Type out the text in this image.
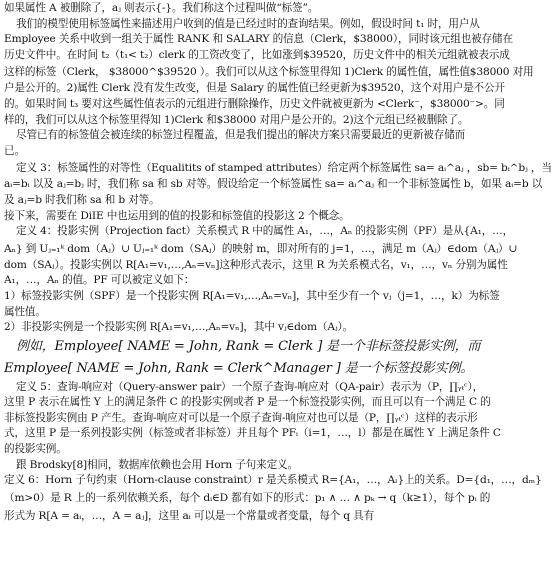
如果属性 A 被删除了，aⱼ 则表示{-}。我们称这个过程叫做“标签”。
我们的模型使用标签属性来描述用户收到的值是已经过时的查询结果。例如，假设时间 t₁ 时，用户从
Employee 关系中收到一组关于属性 RANK 和 SALARY 的信息（Clerk，$38000），同时该元组也被存储在
历史文件中。在时间 t₂（t₁< t₂）clerk 的工资改变了，比如涨到$39520，历史文件中的相关元组就被表示成
这样的标签（Clerk， $38000^$39520 ）。我们可以从这个标签里得知 1)Clerk 的属性值，属性值$38000 对用
户是公开的。2)属性 Clerk 没有发生改变，但是 Salary 的属性值已经更新为$39520，这个对用户是不公开
的。如果时间 t₃ 要对这些属性值表示的元组进行删除操作，历史文件就被更新为 <Clerk⁻，$38000⁻>。同
样的，我们可以从这个标签里得知 1)Clerk 和$38000 对用户是公开的。2)这个元组已经被删除了。
尽管已有的标签值会被连续的标签过程覆盖，但是我们提出的解决方案只需要最近的更新被存储而
已。
定义 3：标签属性的对等性（Equalitits of stamped attributes）给定两个标签属性 sa= aᵢ^aⱼ ，sb= bᵢ^bⱼ ，当
aᵢ=bᵢ 以及 aⱼ=bⱼ 时，我们称 sa 和 sb 对等。假设给定一个标签属性 sa= aᵢ^aⱼ 和一个非标签属性 b，如果 aᵢ=b 以
及 aⱼ=b 时我们称 sa 和 b 对等。
接下来，需要在 DiIE 中也运用到的值的投影和标签值的投影这 2 个概念。
定义 4：投影实例（Projection fact）关系模式 R 中的属性 A₁，…，Aₙ 的投影实例（PF）是从{A₁，…，
Aₙ} 到 Uⱼ₌₁ᵏ dom（Aⱼ）∪ Uⱼ₌₁ᵏ dom（SAⱼ）的映射 m，即对所有的 j=1，…，满足 m（Aⱼ）∈dom（Aⱼ）∪
dom（SAⱼ）。投影实例以 R[A₁=v₁,…,Aₙ=vₙ]这种形式表示，这里 R 为关系模式名，v₁，…，vₙ 分别为属性
A₁，…，Aₙ 的值。PF 可以被定义如下：
1）标签投影实例（SPF）是一个投影实例 R[A₁=v₁,…,Aₙ=vₙ]，其中至少有一个 vⱼ（j=1，…，k）为标签
属性值。
2）非投影实例是一个投影实例 R[A₁=v₁,…,Aₙ=vₙ]，其中 vⱼ∈dom（Aⱼ）。
例如，Employee[ NAME = John, Rank = Clerk ] 是一个非标签投影实例，而
Employee[ NAME = John, Rank = Clerk^Manager ] 是一个标签投影实例。
定义 5：查询-响应对（Query-answer pair）一个原子查询-响应对（QA-pair）表示为（P，∏ᵧₜᶜ），
这里 P 表示在属性 Y 上的满足条件 C 的投影实例或者 P 是一个标签投影实例，而且可以有一个满足 C 的
非标签投影实例由 P 产生。查询-响应对可以是一个原子查询-响应对也可以是（P，∏ᵧₜᶜ）这样的表示形
式，这里 P 是一系列投影实例（标签或者非标签）并且每个 PFᵢ（i=1，…，l）都是在属性 Y 上满足条件 C
的投影实例。
跟 Brodsky[8]相同，数据库依赖也会用 Horn 子句来定义。
定义 6：Horn 子句约束（Horn-clause constraint）r 是关系模式 R={A₁，…，Aₗ}上的关系。D={d₁，…，dₘ}
（m>0）是 R 上的一系列依赖关系，每个 dᵢ∈D 都有如下的形式：p₁ ∧ … ∧ pₖ → q（k≥1），每个 pᵢ 的
形式为 R[A = aᵢ，…，A = aⱼ]，这里 aᵢ 可以是一个常量或者变量，每个 q 具有
